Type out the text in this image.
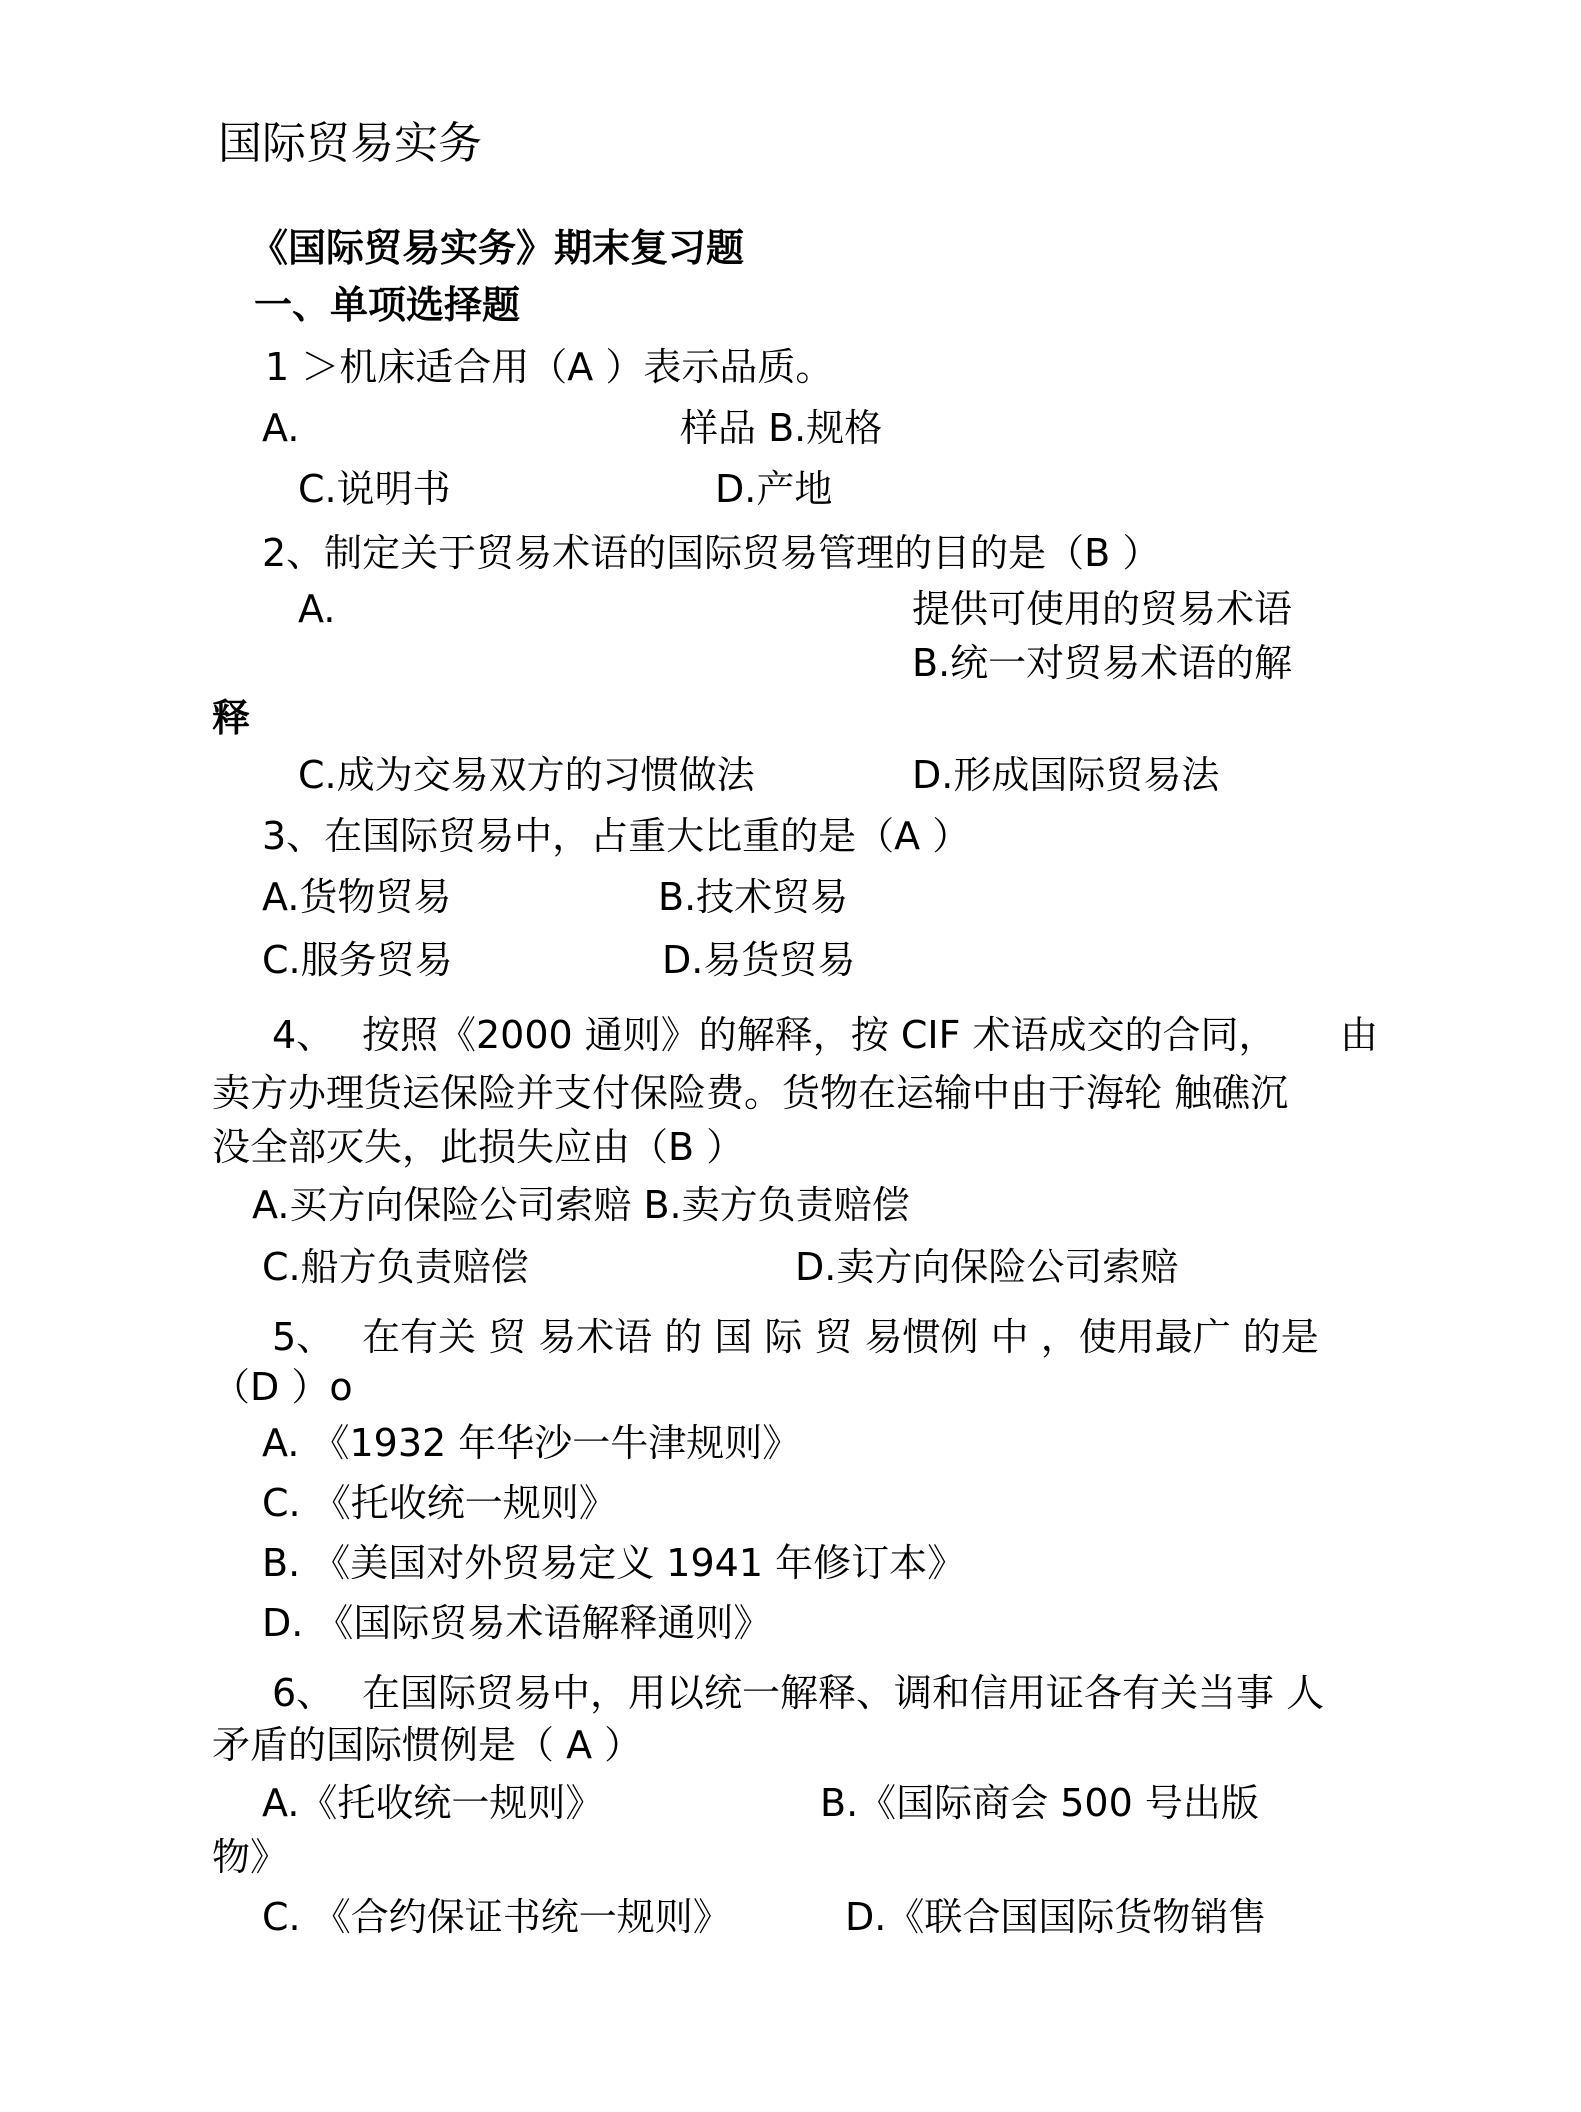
国际贸易实务
《国际贸易实务》期末复习题
一、单项选择题
1 ＞机床适合用（A ）表示品质。
A.	样品 B.规格
C.说明书	D.产地
2、制定关于贸易术语的国际贸易管理的目的是（B ）
A.	提供可使用的贸易术语
B.统一对贸易术语的解
释
C.成为交易双方的习惯做法	D.形成国际贸易法
3、在国际贸易中，占重大比重的是（A ）
A.货物贸易	B.技术贸易
C.服务贸易	D.易货贸易
4、 按照《2000 通则》的解释，按 CIF 术语成交的合同， 由
卖方办理货运保险并支付保险费。货物在运输中由于海轮 触礁沉
没全部灭失，此损失应由（B ）
A.买方向保险公司索赔 B.卖方负责赔偿
C.船方负责赔偿	D.卖方向保险公司索赔
5、 在有关 贸 易术语 的 国 际 贸 易惯例 中 ，使用最广 的是
（D ）o
A. 《1932 年华沙一牛津规则》
C. 《托收统一规则》
B. 《美国对外贸易定义 1941 年修订本》
D. 《国际贸易术语解释通则》
6、 在国际贸易中，用以统一解释、调和信用证各有关当事 人
矛盾的国际惯例是（ A ）
A.《托收统一规则》	B.《国际商会 500 号出版
物》
C. 《合约保证书统一规则》	D.《联合国国际货物销售
